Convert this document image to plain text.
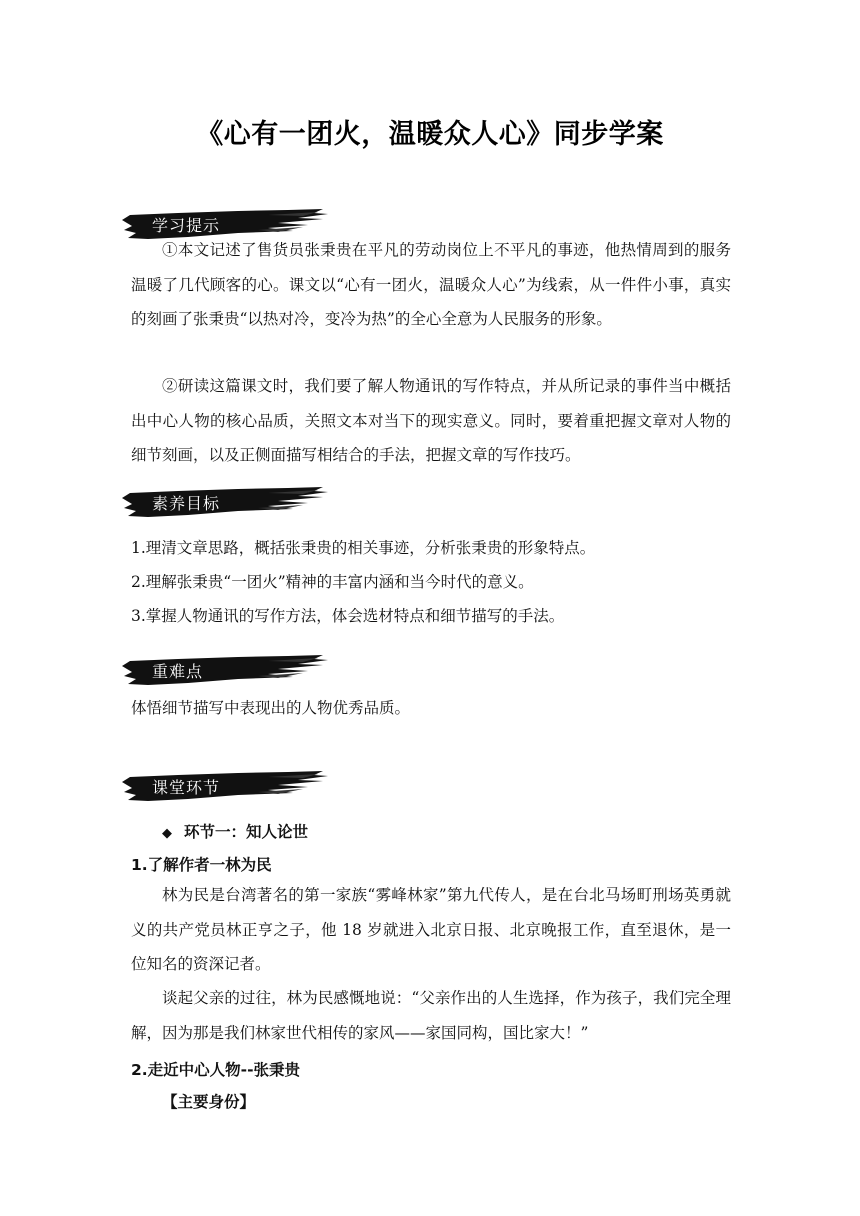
《心有一团火，温暖众人心》同步学案
学习提示

①本文记述了售货员张秉贵在平凡的劳动岗位上不平凡的事迹，他热情周到的服务温暖了几代顾客的心。课文以“心有一团火，温暖众人心”为线索，从一件件小事，真实的刻画了张秉贵“以热对冷，变冷为热”的全心全意为人民服务的形象。

②研读这篇课文时，我们要了解人物通讯的写作特点，并从所记录的事件当中概括出中心人物的核心品质，关照文本对当下的现实意义。同时，要着重把握文章对人物的细节刻画，以及正侧面描写相结合的手法，把握文章的写作技巧。

素养目标
1.理清文章思路，概括张秉贵的相关事迹，分析张秉贵的形象特点。
2.理解张秉贵“一团火”精神的丰富内涵和当今时代的意义。
3.掌握人物通讯的写作方法，体会选材特点和细节描写的手法。
重难点
体悟细节描写中表现出的人物优秀品质。
课堂环节
◆ 环节一：知人论世
1.了解作者一林为民

林为民是台湾著名的第一家族“雾峰林家”第九代传人，是在台北马场町刑场英勇就义的共产党员林正亨之子，他 18 岁就进入北京日报、北京晚报工作，直至退休，是一位知名的资深记者。

谈起父亲的过往，林为民感慨地说：“父亲作出的人生选择，作为孩子，我们完全理解，因为那是我们林家世代相传的家风——家国同构，国比家大！”

2.走近中心人物--张秉贵
【主要身份】
